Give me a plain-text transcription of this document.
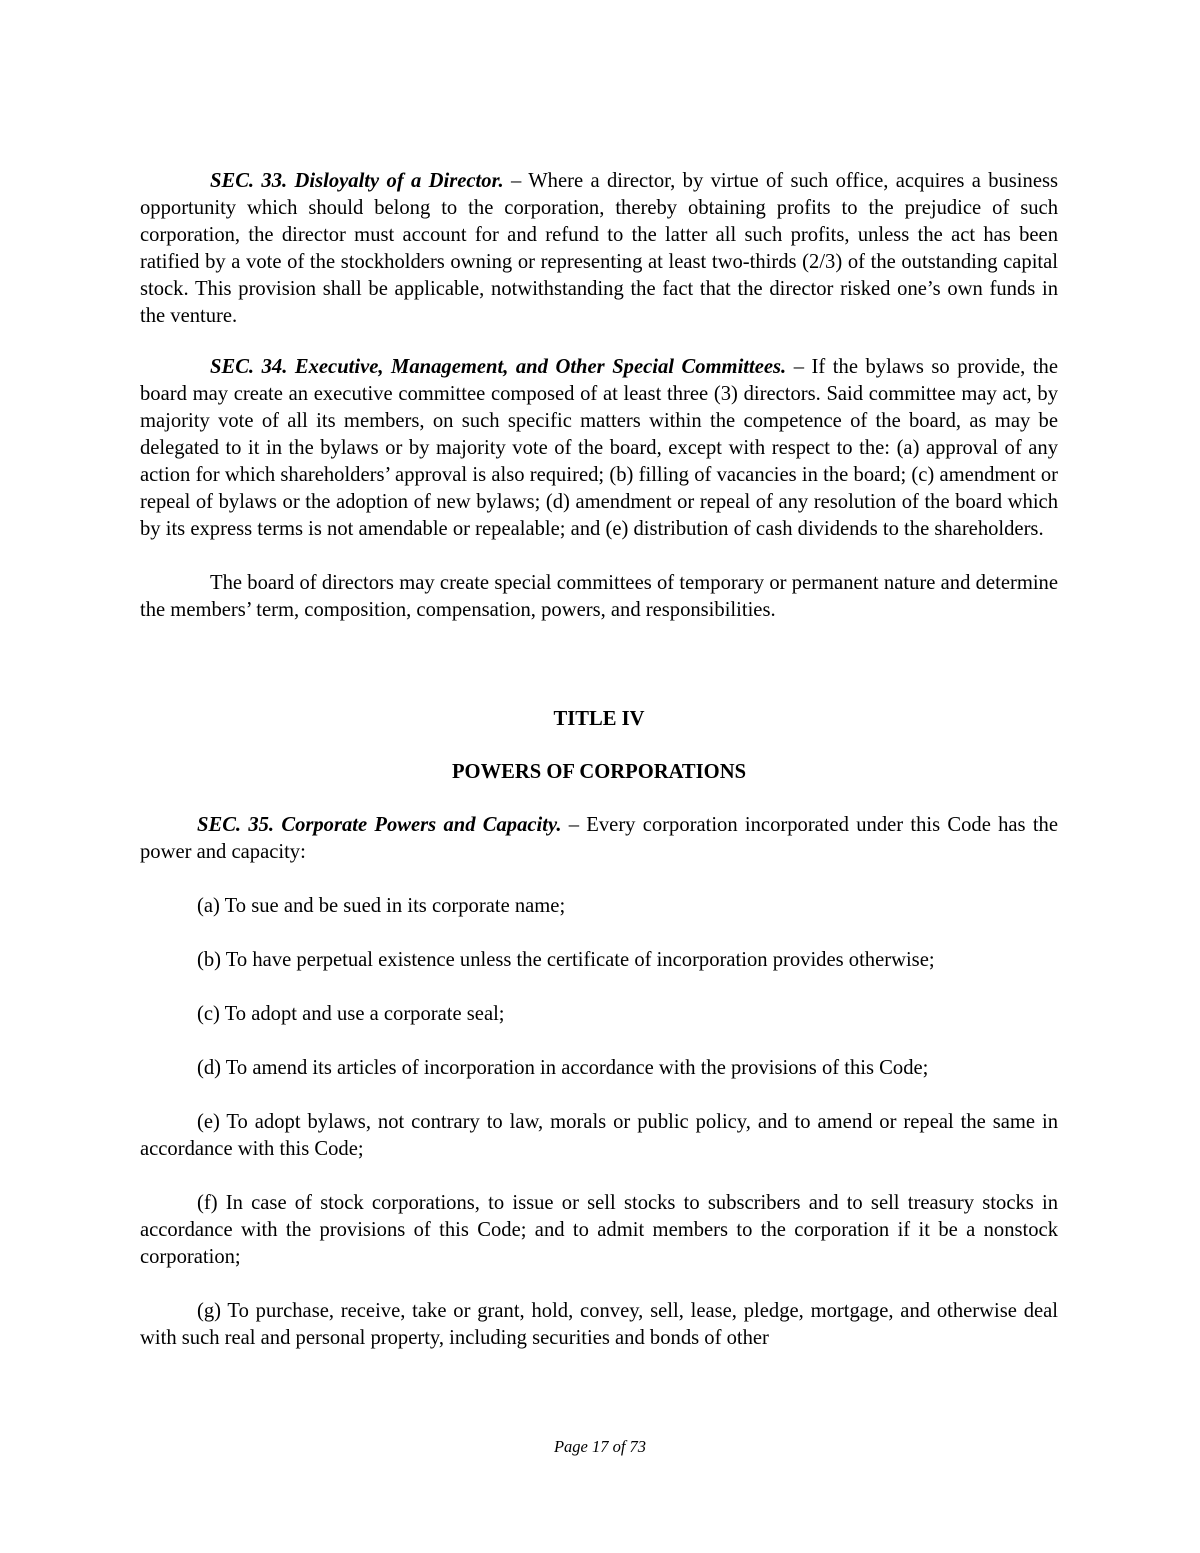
SEC. 33. Disloyalty of a Director. – Where a director, by virtue of such office, acquires a business opportunity which should belong to the corporation, thereby obtaining profits to the prejudice of such corporation, the director must account for and refund to the latter all such profits, unless the act has been ratified by a vote of the stockholders owning or representing at least two-thirds (2/3) of the outstanding capital stock. This provision shall be applicable, notwithstanding the fact that the director risked one’s own funds in the venture.

SEC. 34. Executive, Management, and Other Special Committees. – If the bylaws so provide, the board may create an executive committee composed of at least three (3) directors. Said committee may act, by majority vote of all its members, on such specific matters within the competence of the board, as may be delegated to it in the bylaws or by majority vote of the board, except with respect to the: (a) approval of any action for which shareholders’ approval is also required; (b) filling of vacancies in the board; (c) amendment or repeal of bylaws or the adoption of new bylaws; (d) amendment or repeal of any resolution of the board which by its express terms is not amendable or repealable; and (e) distribution of cash dividends to the shareholders.

The board of directors may create special committees of temporary or permanent nature and determine the members’ term, composition, compensation, powers, and responsibilities.

TITLE IV

POWERS OF CORPORATIONS

SEC. 35. Corporate Powers and Capacity. – Every corporation incorporated under this Code has the power and capacity:

(a) To sue and be sued in its corporate name;

(b) To have perpetual existence unless the certificate of incorporation provides otherwise;

(c) To adopt and use a corporate seal;

(d) To amend its articles of incorporation in accordance with the provisions of this Code;

(e) To adopt bylaws, not contrary to law, morals or public policy, and to amend or repeal the same in accordance with this Code;

(f) In case of stock corporations, to issue or sell stocks to subscribers and to sell treasury stocks in accordance with the provisions of this Code; and to admit members to the corporation if it be a nonstock corporation;

(g) To purchase, receive, take or grant, hold, convey, sell, lease, pledge, mortgage, and otherwise deal with such real and personal property, including securities and bonds of other

Page 17 of 73
